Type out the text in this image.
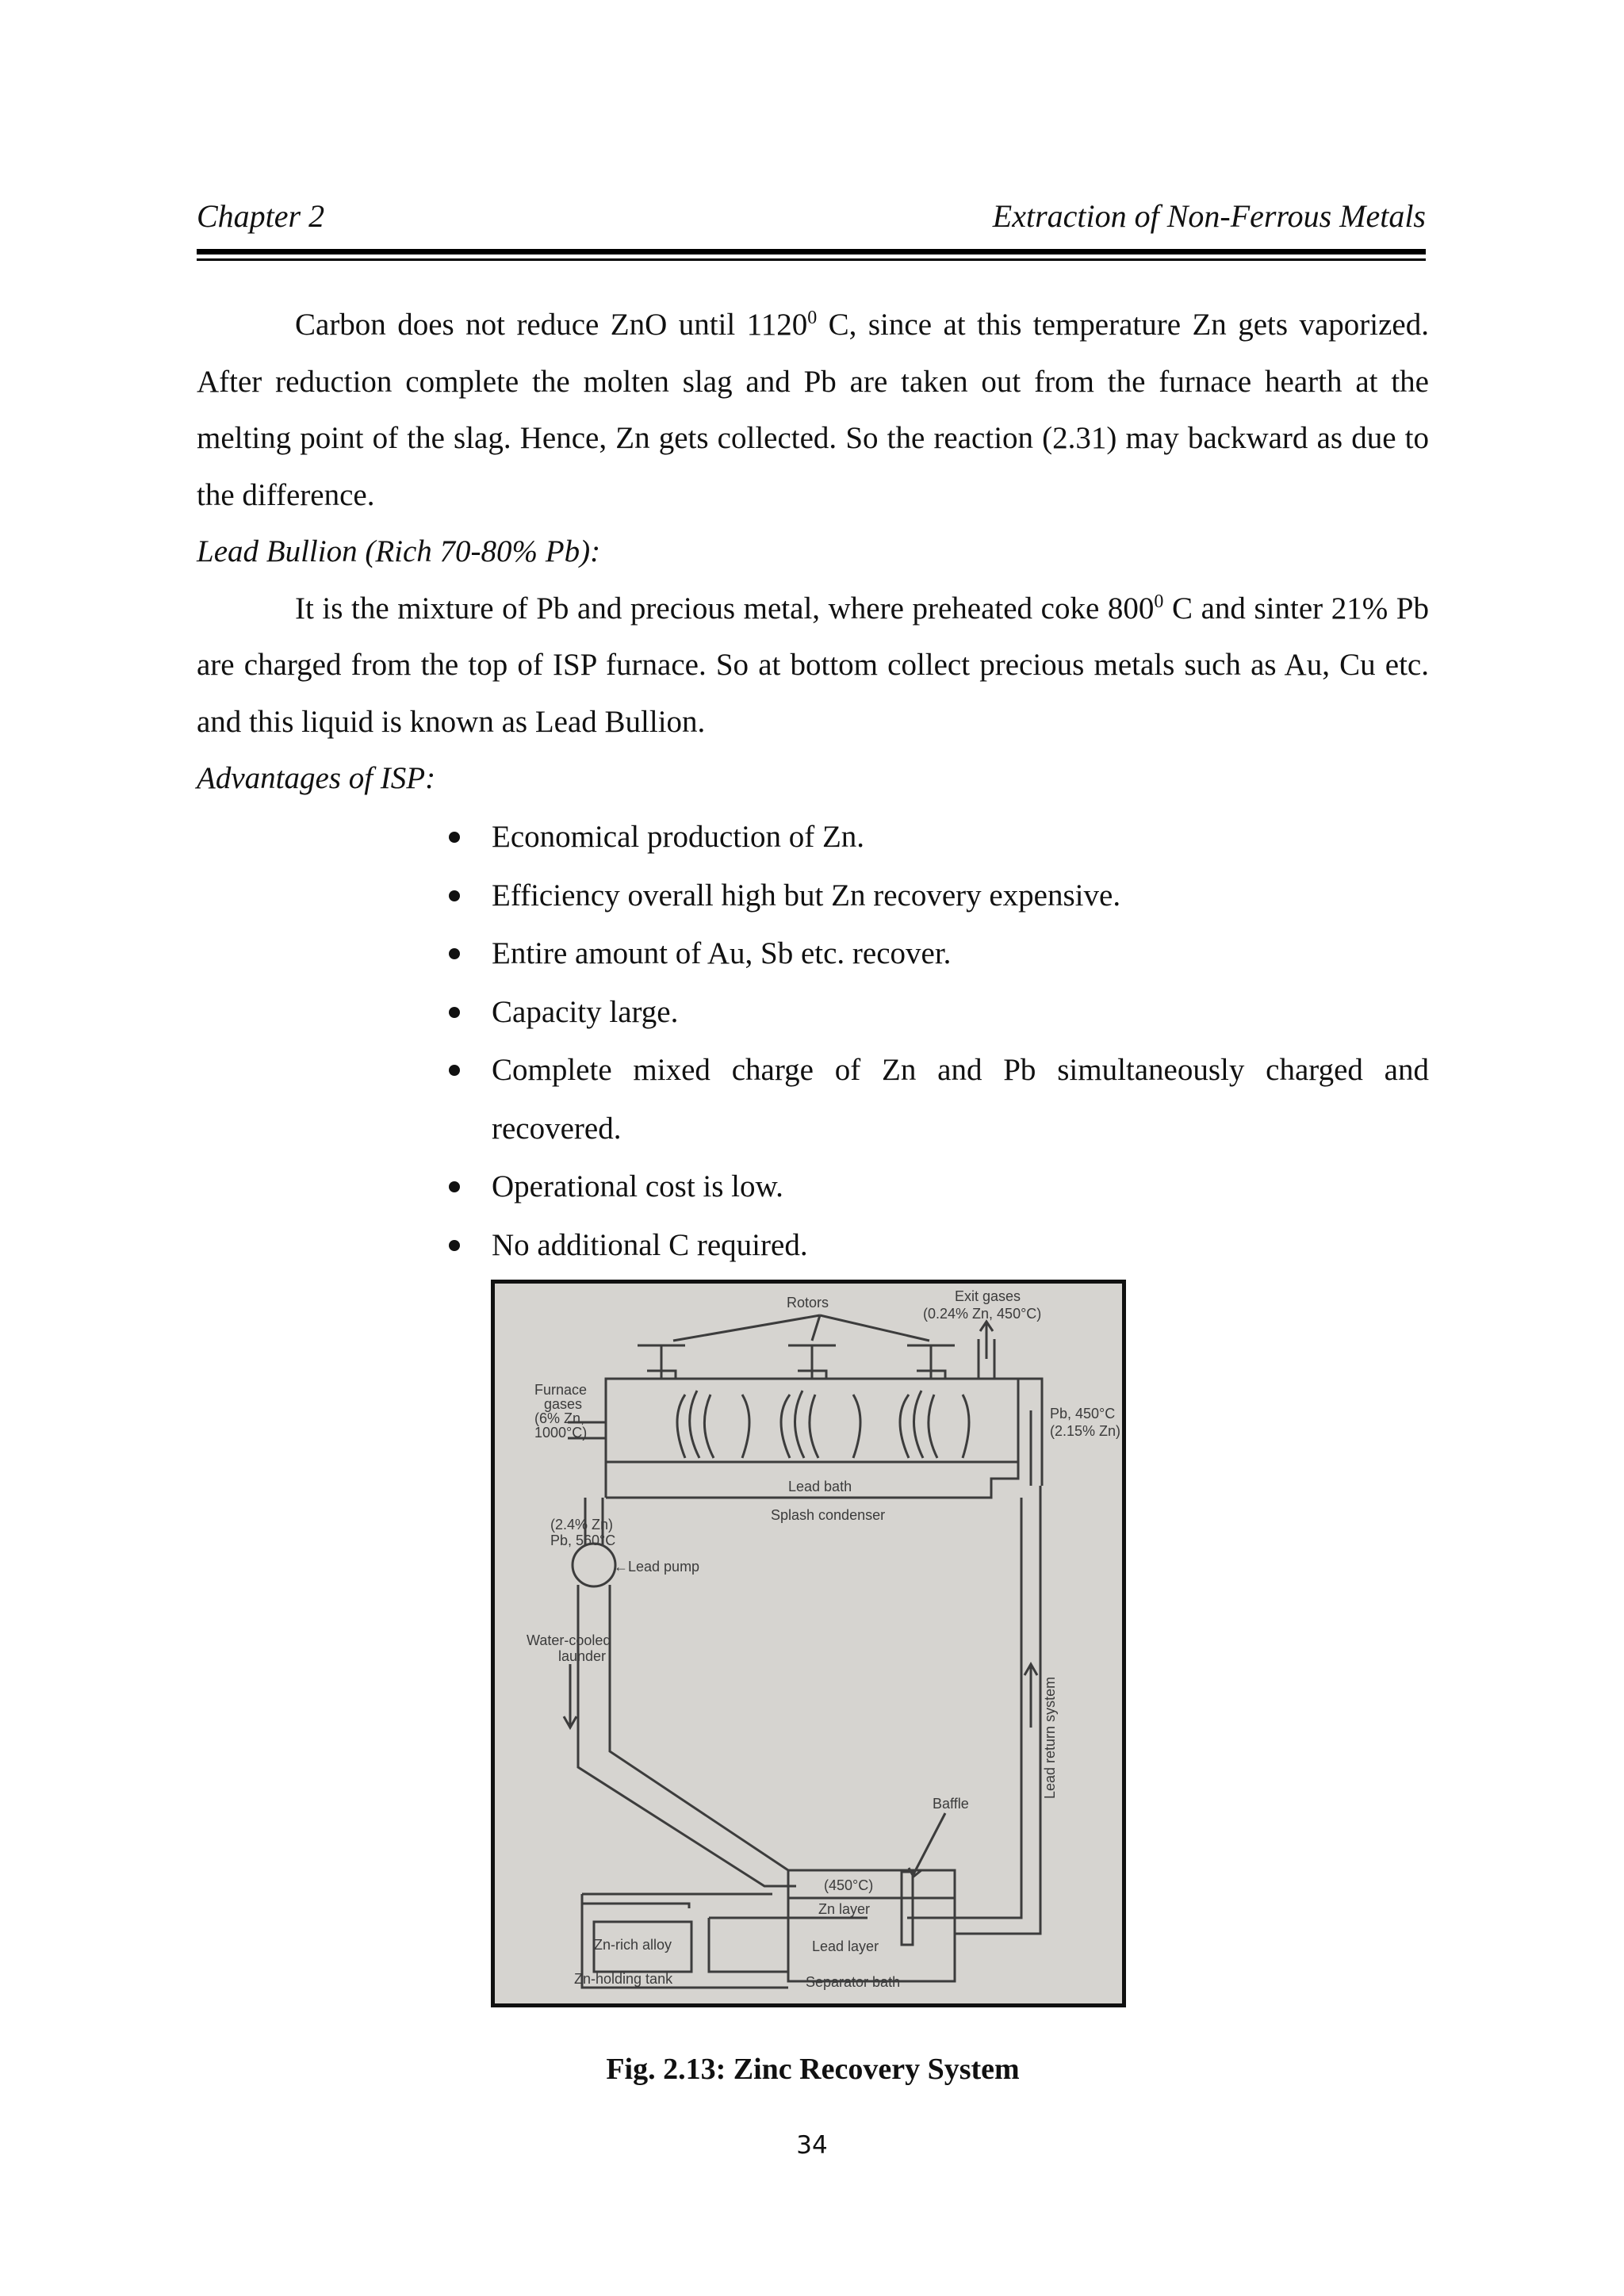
Chapter 2	Extraction of Non-Ferrous Metals
Carbon does not reduce ZnO until 1120$^0$ C, since at this temperature Zn gets vaporized. After reduction complete the molten slag and Pb are taken out from the furnace hearth at the melting point of the slag. Hence, Zn gets collected. So the reaction (2.31) may backward as due to the difference.
Lead Bullion (Rich 70-80% Pb):
It is the mixture of Pb and precious metal, where preheated coke $800^0$ C and sinter 21% Pb are charged from the top of ISP furnace. So at bottom collect precious metals such as Au, Cu etc. and this liquid is known as Lead Bullion.
Advantages of ISP:
Economical production of Zn.
Efficiency overall high but Zn recovery expensive.
Entire amount of Au, Sb etc. recover.
Capacity large.
Complete mixed charge of Zn and Pb simultaneously charged and recovered.
Operational cost is low.
No additional C required.
Rotors	Exit gases
(0.24% Zn, 450°C)
Furnace
gases
(6% Zn,
1000°C)
Pb, 450°C
(2.15% Zn)
Lead bath
Splash condenser
(2.4% Zn)
Pb, 560°C
←Lead pump
Water-cooled
launder
Lead return system
Baffle
(450°C)
Zn layer
Lead layer
Zn-rich alloy
Zn-holding tank	Separator bath
Fig. 2.13: Zinc Recovery System
34
